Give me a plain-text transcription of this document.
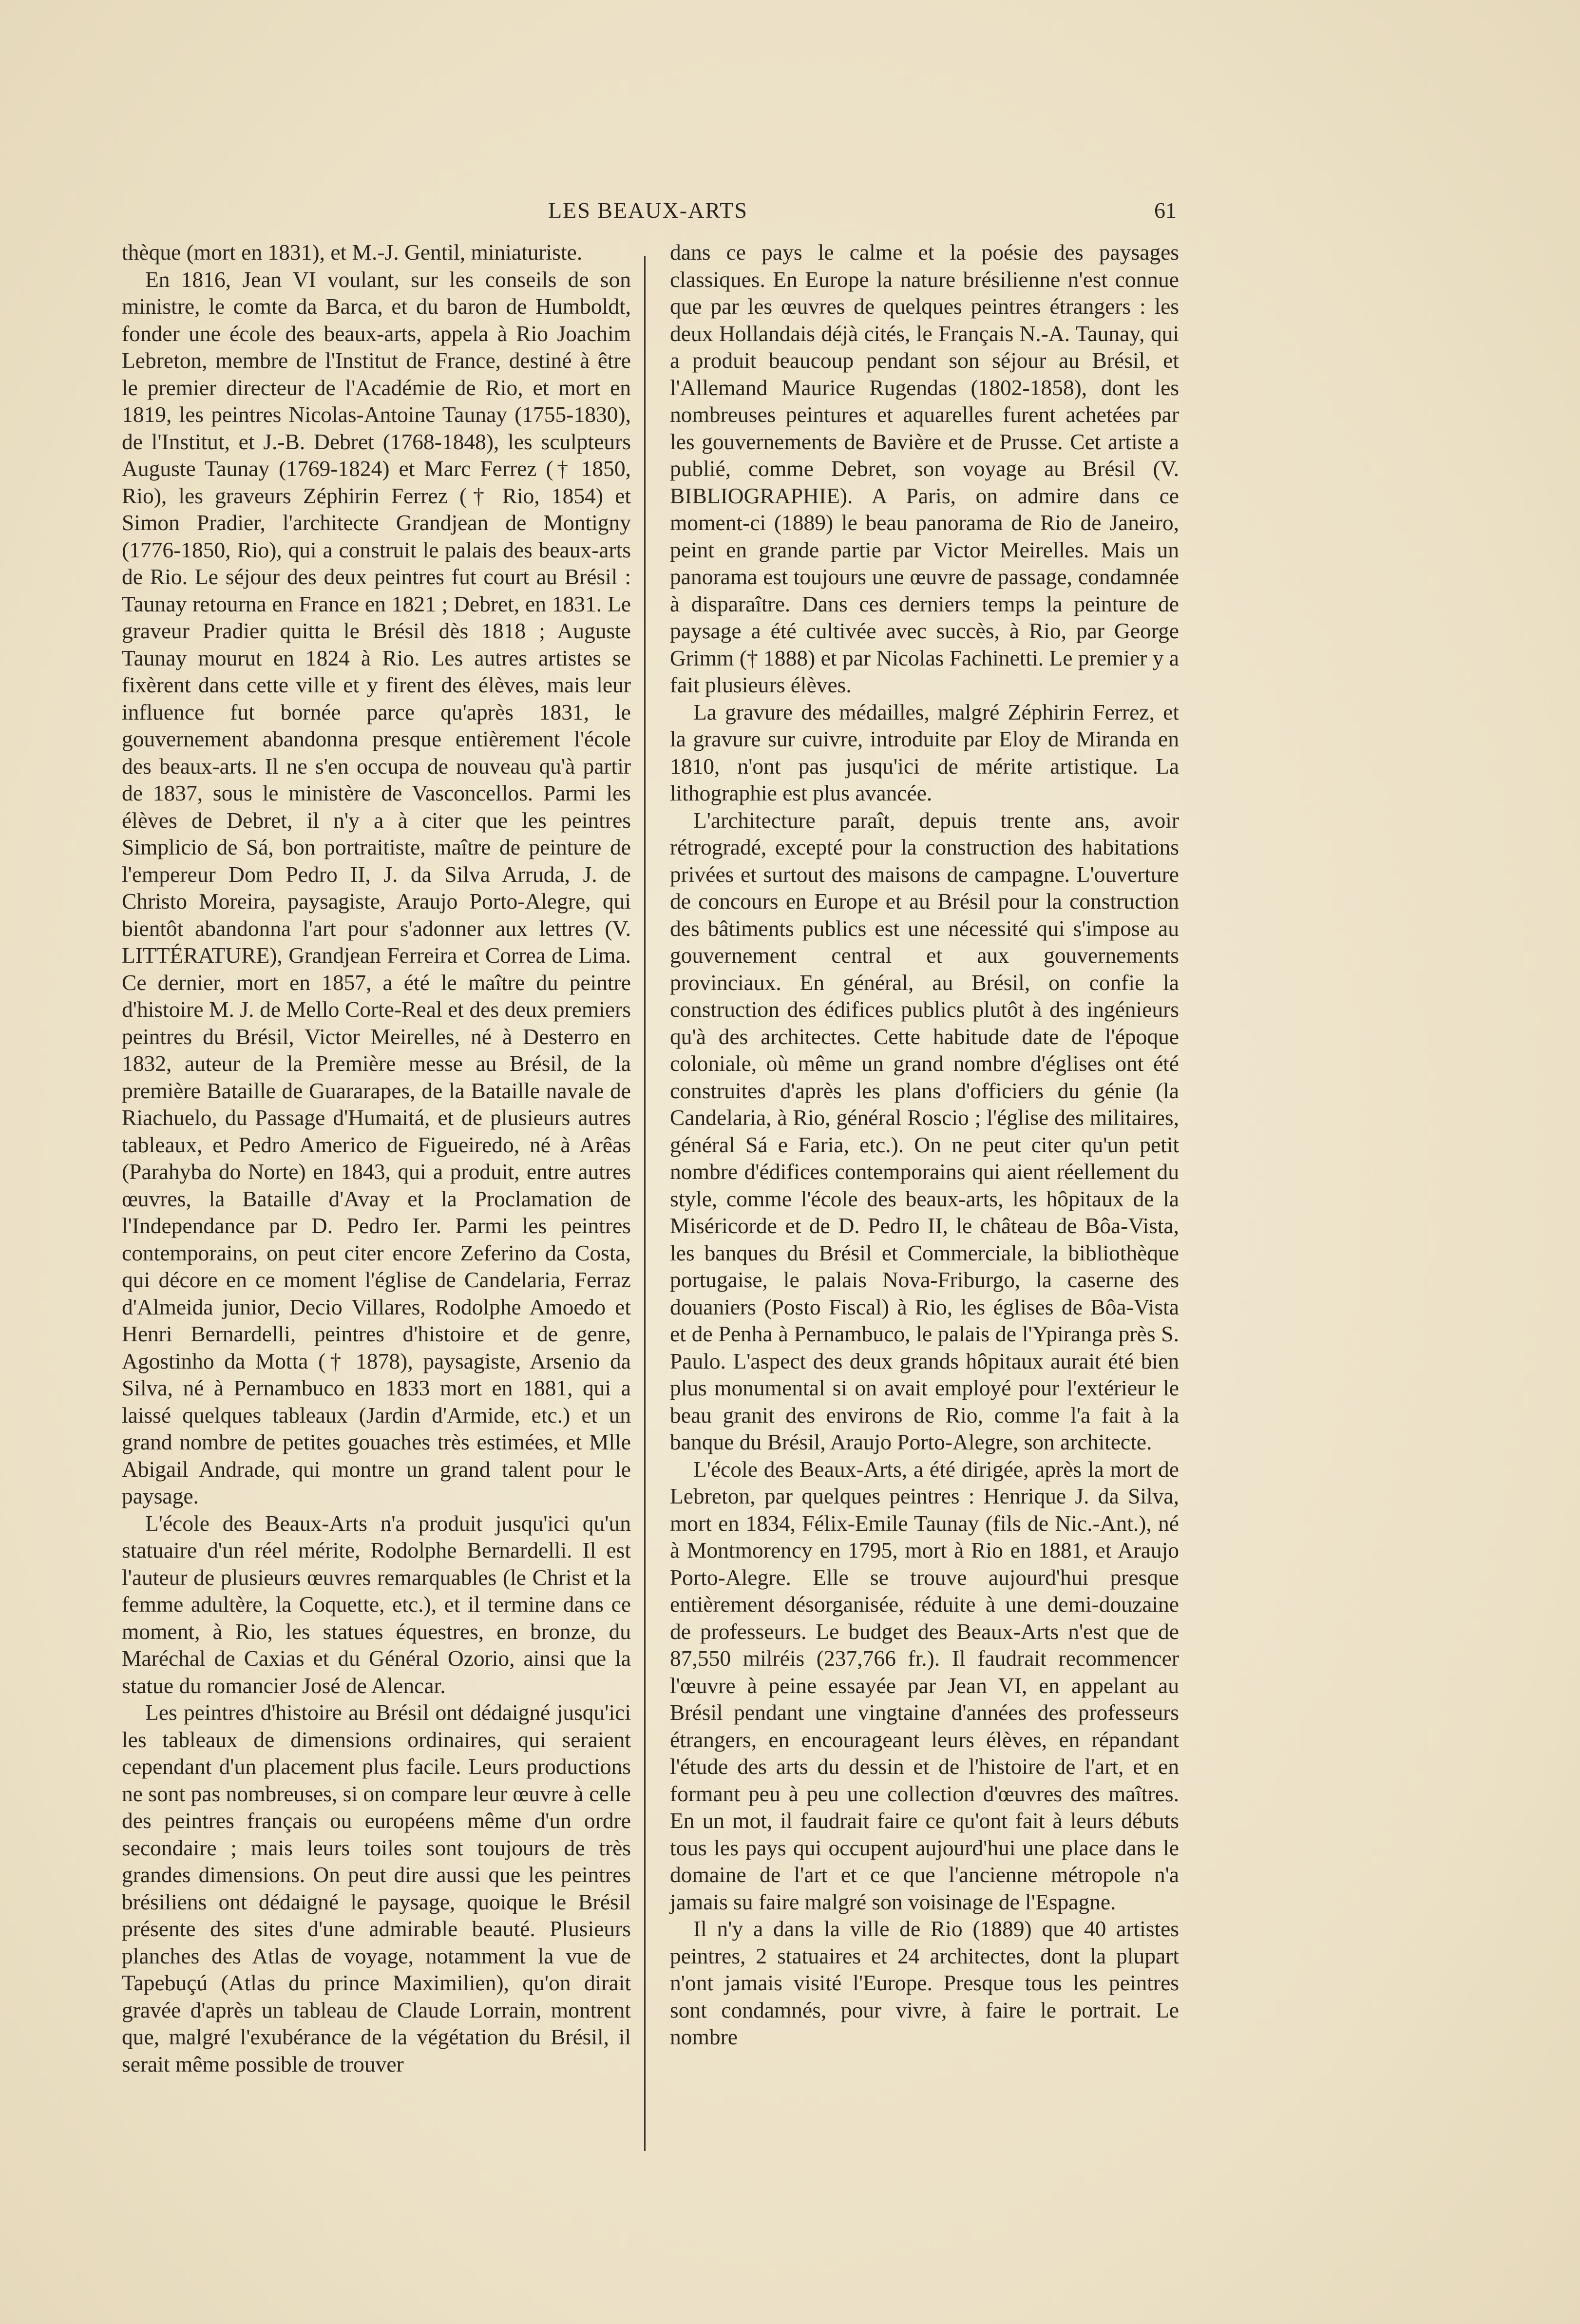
LES BEAUX-ARTS	61

thèque (mort en 1831), et M.-J. Gentil, miniaturiste.

En 1816, Jean VI voulant, sur les conseils de son ministre, le comte da Barca, et du baron de Humboldt, fonder une école des beaux-arts, appela à Rio Joachim Lebreton, membre de l'Institut de France, destiné à être le premier directeur de l'Académie de Rio, et mort en 1819, les peintres Nicolas-Antoine Taunay (1755-1830), de l'Institut, et J.-B. Debret (1768-1848), les sculpteurs Auguste Taunay (1769-1824) et Marc Ferrez († 1850, Rio), les graveurs Zéphirin Ferrez († Rio, 1854) et Simon Pradier, l'architecte Grandjean de Montigny (1776-1850, Rio), qui a construit le palais des beaux-arts de Rio. Le séjour des deux peintres fut court au Brésil : Taunay retourna en France en 1821 ; Debret, en 1831. Le graveur Pradier quitta le Brésil dès 1818 ; Auguste Taunay mourut en 1824 à Rio. Les autres artistes se fixèrent dans cette ville et y firent des élèves, mais leur influence fut bornée parce qu'après 1831, le gouvernement abandonna presque entièrement l'école des beaux-arts. Il ne s'en occupa de nouveau qu'à partir de 1837, sous le ministère de Vasconcellos. Parmi les élèves de Debret, il n'y a à citer que les peintres Simplicio de Sá, bon portraitiste, maître de peinture de l'empereur Dom Pedro II, J. da Silva Arruda, J. de Christo Moreira, paysagiste, Araujo Porto-Alegre, qui bientôt abandonna l'art pour s'adonner aux lettres (V. LITTÉRATURE), Grandjean Ferreira et Correa de Lima. Ce dernier, mort en 1857, a été le maître du peintre d'histoire M. J. de Mello Corte-Real et des deux premiers peintres du Brésil, Victor Meirelles, né à Desterro en 1832, auteur de la Première messe au Brésil, de la première Bataille de Guararapes, de la Bataille navale de Riachuelo, du Passage d'Humaitá, et de plusieurs autres tableaux, et Pedro Americo de Figueiredo, né à Arêas (Parahyba do Norte) en 1843, qui a produit, entre autres œuvres, la Bataille d'Avay et la Proclamation de l'Independance par D. Pedro Ier. Parmi les peintres contemporains, on peut citer encore Zeferino da Costa, qui décore en ce moment l'église de Candelaria, Ferraz d'Almeida junior, Decio Villares, Rodolphe Amoedo et Henri Bernardelli, peintres d'histoire et de genre, Agostinho da Motta († 1878), paysagiste, Arsenio da Silva, né à Pernambuco en 1833 mort en 1881, qui a laissé quelques tableaux (Jardin d'Armide, etc.) et un grand nombre de petites gouaches très estimées, et Mlle Abigail Andrade, qui montre un grand talent pour le paysage.

L'école des Beaux-Arts n'a produit jusqu'ici qu'un statuaire d'un réel mérite, Rodolphe Bernardelli. Il est l'auteur de plusieurs œuvres remarquables (le Christ et la femme adultère, la Coquette, etc.), et il termine dans ce moment, à Rio, les statues équestres, en bronze, du Maréchal de Caxias et du Général Ozorio, ainsi que la statue du romancier José de Alencar.

Les peintres d'histoire au Brésil ont dédaigné jusqu'ici les tableaux de dimensions ordinaires, qui seraient cependant d'un placement plus facile. Leurs productions ne sont pas nombreuses, si on compare leur œuvre à celle des peintres français ou européens même d'un ordre secondaire ; mais leurs toiles sont toujours de très grandes dimensions. On peut dire aussi que les peintres brésiliens ont dédaigné le paysage, quoique le Brésil présente des sites d'une admirable beauté. Plusieurs planches des Atlas de voyage, notamment la vue de Tapebuçú (Atlas du prince Maximilien), qu'on dirait gravée d'après un tableau de Claude Lorrain, montrent que, malgré l'exubérance de la végétation du Brésil, il serait même possible de trouver

dans ce pays le calme et la poésie des paysages classiques. En Europe la nature brésilienne n'est connue que par les œuvres de quelques peintres étrangers : les deux Hollandais déjà cités, le Français N.-A. Taunay, qui a produit beaucoup pendant son séjour au Brésil, et l'Allemand Maurice Rugendas (1802-1858), dont les nombreuses peintures et aquarelles furent achetées par les gouvernements de Bavière et de Prusse. Cet artiste a publié, comme Debret, son voyage au Brésil (V. BIBLIOGRAPHIE). A Paris, on admire dans ce moment-ci (1889) le beau panorama de Rio de Janeiro, peint en grande partie par Victor Meirelles. Mais un panorama est toujours une œuvre de passage, condamnée à disparaître. Dans ces derniers temps la peinture de paysage a été cultivée avec succès, à Rio, par George Grimm († 1888) et par Nicolas Fachinetti. Le premier y a fait plusieurs élèves.

La gravure des médailles, malgré Zéphirin Ferrez, et la gravure sur cuivre, introduite par Eloy de Miranda en 1810, n'ont pas jusqu'ici de mérite artistique. La lithographie est plus avancée.

L'architecture paraît, depuis trente ans, avoir rétrogradé, excepté pour la construction des habitations privées et surtout des maisons de campagne. L'ouverture de concours en Europe et au Brésil pour la construction des bâtiments publics est une nécessité qui s'impose au gouvernement central et aux gouvernements provinciaux. En général, au Brésil, on confie la construction des édifices publics plutôt à des ingénieurs qu'à des architectes. Cette habitude date de l'époque coloniale, où même un grand nombre d'églises ont été construites d'après les plans d'officiers du génie (la Candelaria, à Rio, général Roscio ; l'église des militaires, général Sá e Faria, etc.). On ne peut citer qu'un petit nombre d'édifices contemporains qui aient réellement du style, comme l'école des beaux-arts, les hôpitaux de la Miséricorde et de D. Pedro II, le château de Bôa-Vista, les banques du Brésil et Commerciale, la bibliothèque portugaise, le palais Nova-Friburgo, la caserne des douaniers (Posto Fiscal) à Rio, les églises de Bôa-Vista et de Penha à Pernambuco, le palais de l'Ypiranga près S. Paulo. L'aspect des deux grands hôpitaux aurait été bien plus monumental si on avait employé pour l'extérieur le beau granit des environs de Rio, comme l'a fait à la banque du Brésil, Araujo Porto-Alegre, son architecte.

L'école des Beaux-Arts, a été dirigée, après la mort de Lebreton, par quelques peintres : Henrique J. da Silva, mort en 1834, Félix-Emile Taunay (fils de Nic.-Ant.), né à Montmorency en 1795, mort à Rio en 1881, et Araujo Porto-Alegre. Elle se trouve aujourd'hui presque entièrement désorganisée, réduite à une demi-douzaine de professeurs. Le budget des Beaux-Arts n'est que de 87,550 milréis (237,766 fr.). Il faudrait recommencer l'œuvre à peine essayée par Jean VI, en appelant au Brésil pendant une vingtaine d'années des professeurs étrangers, en encourageant leurs élèves, en répandant l'étude des arts du dessin et de l'histoire de l'art, et en formant peu à peu une collection d'œuvres des maîtres. En un mot, il faudrait faire ce qu'ont fait à leurs débuts tous les pays qui occupent aujourd'hui une place dans le domaine de l'art et ce que l'ancienne métropole n'a jamais su faire malgré son voisinage de l'Espagne.

Il n'y a dans la ville de Rio (1889) que 40 artistes peintres, 2 statuaires et 24 architectes, dont la plupart n'ont jamais visité l'Europe. Presque tous les peintres sont condamnés, pour vivre, à faire le portrait. Le nombre
